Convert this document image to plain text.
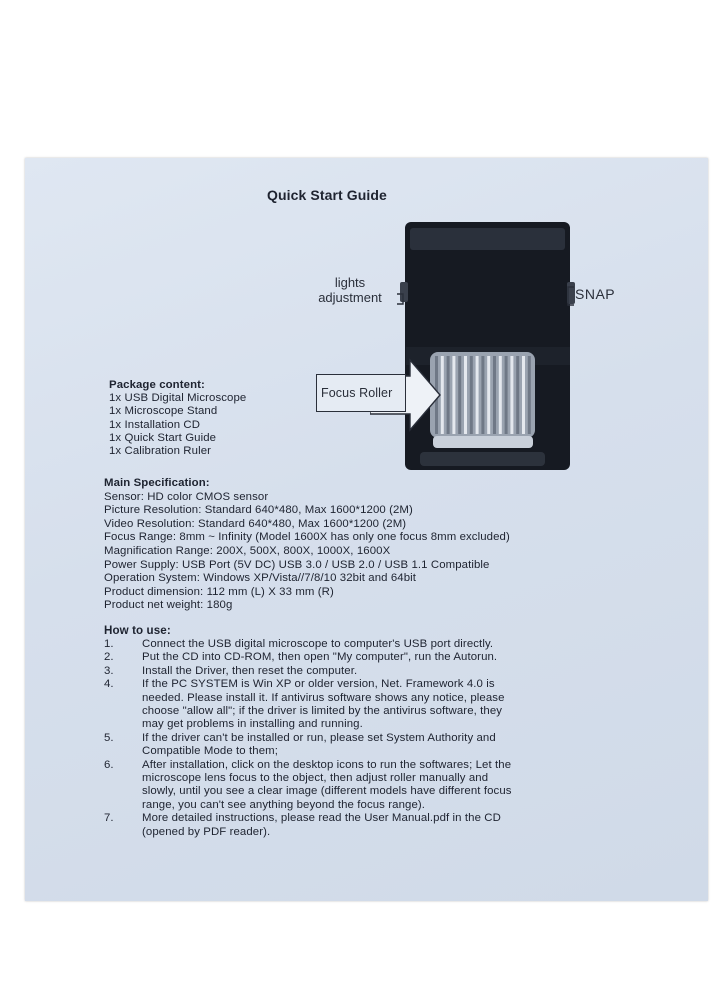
Quick Start Guide
Focus Roller
lights
adjustment	SNAP
Package content:
1x USB Digital Microscope
1x Microscope Stand
1x Installation CD
1x Quick Start Guide
1x Calibration Ruler
Main Specification:
Sensor: HD color CMOS sensor
Picture Resolution: Standard 640*480, Max 1600*1200 (2M)
Video Resolution: Standard 640*480, Max 1600*1200 (2M)
Focus Range: 8mm ~ Infinity (Model 1600X has only one focus 8mm excluded)
Magnification Range: 200X, 500X, 800X, 1000X, 1600X
Power Supply: USB Port (5V DC) USB 3.0 / USB 2.0 / USB 1.1 Compatible
Operation System: Windows XP/Vista//7/8/10 32bit and 64bit
Product dimension: 112 mm (L) X 33 mm (R)
Product net weight: 180g
How to use:
1.	Connect the USB digital microscope to computer's USB port directly.
2.	Put the CD into CD-ROM, then open "My computer", run the Autorun.
3.	Install the Driver, then reset the computer.
4.	If the PC SYSTEM is Win XP or older version, Net. Framework 4.0 is
needed. Please install it. If antivirus software shows any notice, please
choose "allow all"; if the driver is limited by the antivirus software, they
may get problems in installing and running.
5.	If the driver can't be installed or run, please set System Authority and
Compatible Mode to them;
6.	After installation, click on the desktop icons to run the softwares; Let the
microscope lens focus to the object, then adjust roller manually and
slowly, until you see a clear image (different models have different focus
range, you can't see anything beyond the focus range).
7.	More detailed instructions, please read the User Manual.pdf in the CD
(opened by PDF reader).
